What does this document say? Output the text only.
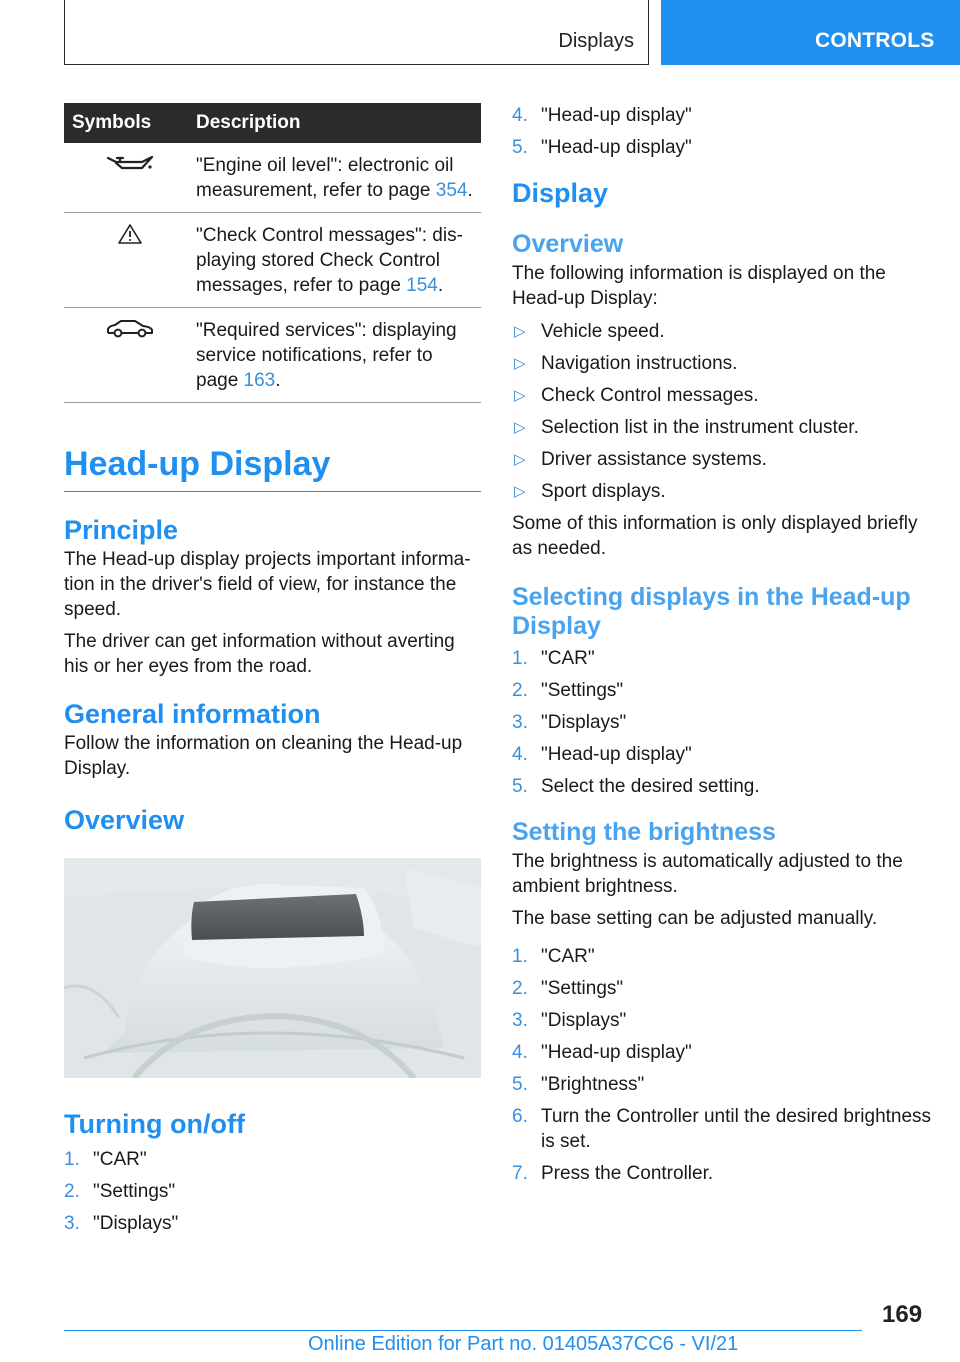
Displays	CONTROLS
Symbols	Description

	"Engine oil level": electronic oil measurement, refer to page 354.

	"Check Control messages": displaying stored Check Control messages, refer to page 154.

	"Required services": displaying service notifications, refer to page 163.
Head-up Display
Principle

The Head-up display projects important information in the driver's field of view, for instance the speed.

The driver can get information without averting his or her eyes from the road.

General information

Follow the information on cleaning the Head-up Display.

Overview
Turning on/off
1. "CAR"
2. "Settings"
3. "Displays"
4. "Head-up display"
5. "Head-up display"
Display
Overview

The following information is displayed on the Head-up Display:

▷ Vehicle speed.
▷ Navigation instructions.
▷ Check Control messages.
▷ Selection list in the instrument cluster.
▷ Driver assistance systems.
▷ Sport displays.

Some of this information is only displayed briefly as needed.

Selecting displays in the Head-up Display
1. "CAR"
2. "Settings"
3. "Displays"
4. "Head-up display"
5. Select the desired setting.
Setting the brightness

The brightness is automatically adjusted to the ambient brightness.

The base setting can be adjusted manually.

1. "CAR"
2. "Settings"
3. "Displays"
4. "Head-up display"
5. "Brightness"
6. Turn the Controller until the desired brightness is set.
7. Press the Controller.
169
Online Edition for Part no. 01405A37CC6 - VI/21
